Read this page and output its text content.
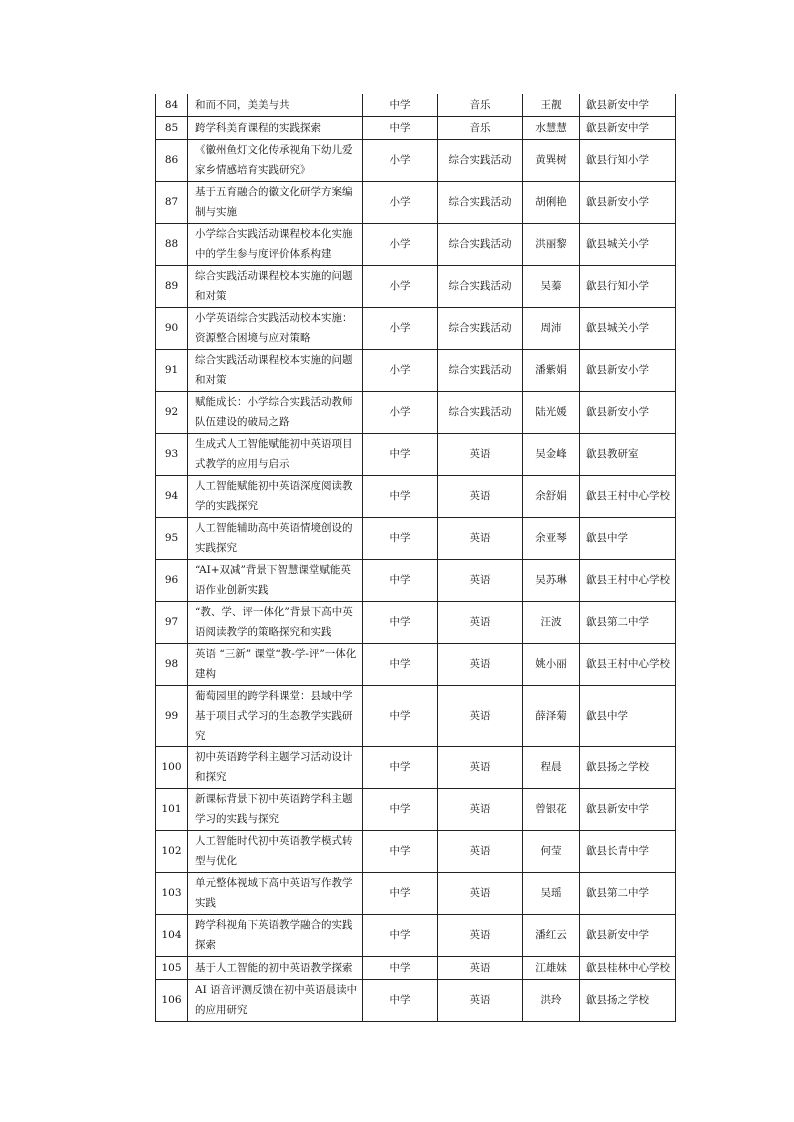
84	和而不同，美美与共	中学	音乐	王靓	歙县新安中学
85	跨学科美育课程的实践探索	中学	音乐	水慧慧	歙县新安中学
86	《徽州鱼灯文化传承视角下幼儿爱家乡情感培育实践研究》	小学	综合实践活动	黄巽树	歙县行知小学
87	基于五育融合的徽文化研学方案编制与实施	小学	综合实践活动	胡俐艳	歙县新安小学
88	小学综合实践活动课程校本化实施中的学生参与度评价体系构建	小学	综合实践活动	洪丽黎	歙县城关小学
89	综合实践活动课程校本实施的问题和对策	小学	综合实践活动	吴蓁	歙县行知小学
90	小学英语综合实践活动校本实施：资源整合困境与应对策略	小学	综合实践活动	周沛	歙县城关小学
91	综合实践活动课程校本实施的问题和对策	小学	综合实践活动	潘紫娟	歙县新安小学
92	赋能成长：小学综合实践活动教师队伍建设的破局之路	小学	综合实践活动	陆光媛	歙县新安小学
93	生成式人工智能赋能初中英语项目式教学的应用与启示	中学	英语	吴金峰	歙县教研室
94	人工智能赋能初中英语深度阅读教学的实践探究	中学	英语	余舒娟	歙县王村中心学校
95	人工智能辅助高中英语情境创设的实践探究	中学	英语	余亚琴	歙县中学
96	“AI+双减”背景下智慧课堂赋能英语作业创新实践	中学	英语	吴苏琳	歙县王村中心学校
97	“教、学、评一体化”背景下高中英语阅读教学的策略探究和实践	中学	英语	汪波	歙县第二中学
98	英语 “三新” 课堂“教-学-评”一体化建构	中学	英语	姚小丽	歙县王村中心学校
99	葡萄园里的跨学科课堂：县域中学基于项目式学习的生态教学实践研究	中学	英语	薛泽菊	歙县中学
100	初中英语跨学科主题学习活动设计和探究	中学	英语	程晨	歙县扬之学校
101	新课标背景下初中英语跨学科主题学习的实践与探究	中学	英语	曾银花	歙县新安中学
102	人工智能时代初中英语教学模式转型与优化	中学	英语	何莹	歙县长青中学
103	单元整体视域下高中英语写作教学实践	中学	英语	吴瑶	歙县第二中学
104	跨学科视角下英语教学融合的实践探索	中学	英语	潘红云	歙县新安中学
105	基于人工智能的初中英语教学探索	中学	英语	江雄妹	歙县桂林中心学校
106	AI 语音评测反馈在初中英语晨读中的应用研究	中学	英语	洪玲	歙县扬之学校
